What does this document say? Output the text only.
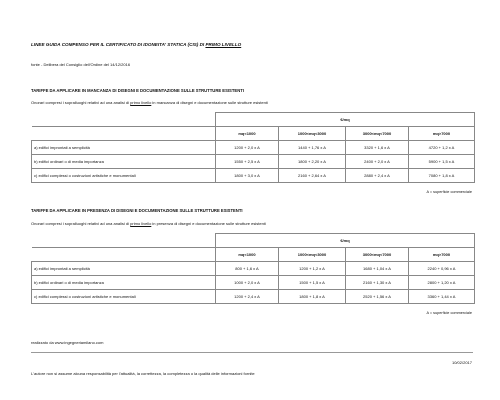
LINEE GUIDA COMPENSO PER IL CERTIFICATO DI IDONEITA' STATICA (CIS) DI PRIMO LIVELLO
fonte - Delibera del Consiglio dell'Ordine del 14/12/2016
TARIFFE DA APPLICARE IN MANCANZA DI DISEGNI E DOCUMENTAZIONE SULLE STRUTTURE ESISTENTI
Onorari compresi i sopralluoghi relativi ad una analisi di primo livello in mancanza di disegni e documentazione sulle strutture esistenti
	€/mq			
	mq<1000	1000<mq<3000	3000<mq<7000	mq>7000
a) edifici improntati a semplicità	1200 + 2,0 x A	1440 + 1,76 x A	3320 + 1,6 x A	4720 + 1,2 x A
b) edifici ordinari o di media importanza	1550 + 2,5 x A	1800 + 2,20 x A	2400 + 2,0 x A	5900 + 1,5 x A
c) edifici complessi o costruzioni artistiche e monumentali	1800 + 3,0 x A	2160 + 2,64 x A	2880 + 2,4 x A	7080 + 1,8 x A
A = superficie commerciale
TARIFFE DA APPLICARE IN PRESENZA DI DISEGNI E DOCUMENTAZIONE SULLE STRUTTURE ESISTENTI
Onorari compresi i sopralluoghi relativi ad una analisi di primo livello in presenza di disegni e documentazione sulle strutture esistenti
	€/mq			
	mq<1000	1000<mq<3000	3000<mq<7000	mq>7000
a) edifici improntati a semplicità	800 + 1,6 x A	1200 + 1,2 x A	1680 + 1,04 x A	2240 + 0,96 x A
b) edifici ordinari o di media importanza	1000 + 2,0 x A	1500 + 1,5 x A	2160 + 1,30 x A	2800 + 1,20 x A
c) edifici complessi o costruzioni artistiche e monumentali	1200 + 2,4 x A	1800 + 1,8 x A	2520 + 1,56 x A	3360 + 1,44 x A
A = superficie commerciale
realizzato da www.ingegneriamilano.com
10/02/2017
L'autore non si assume alcuna responsabilità per l'attualità, la correttezza, la completezza o la qualità delle informazioni fornite
